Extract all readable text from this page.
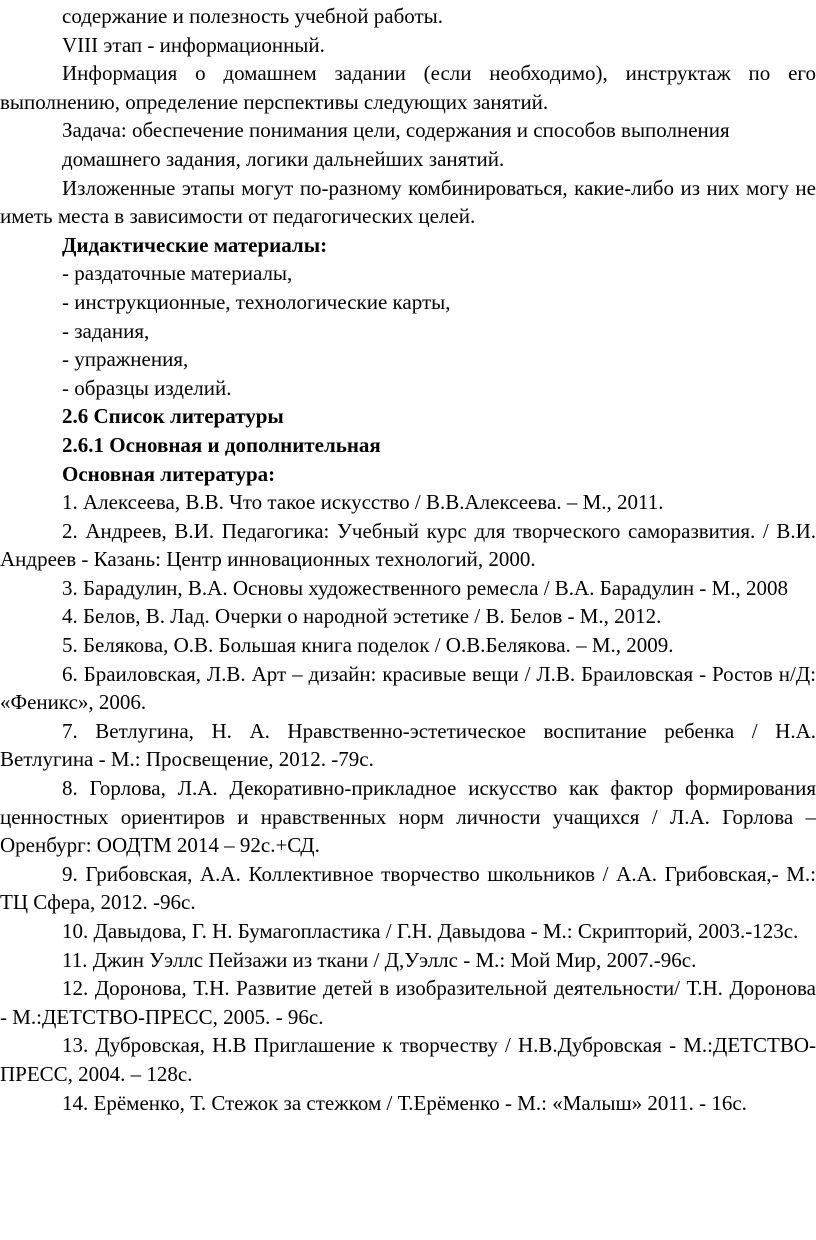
содержание и полезность учебной работы.

VIII этап - информационный.

Информация о домашнем задании (если необходимо), инструктаж по его выполнению, определение перспективы следующих занятий.

Задача: обеспечение понимания цели, содержания и способов выполнения

домашнего задания, логики дальнейших занятий.

Изложенные этапы могут по-разному комбинироваться, какие-либо из них могу не иметь места в зависимости от педагогических целей.

Дидактические материалы:

- раздаточные материалы,

- инструкционные, технологические карты,

- задания,

- упражнения,

- образцы изделий.

2.6 Список литературы

2.6.1 Основная и дополнительная

Основная литература:

1. Алексеева, В.В. Что такое искусство / В.В.Алексеева. – М., 2011.

2. Андреев, В.И. Педагогика: Учебный курс для творческого саморазвития. / В.И. Андреев - Казань: Центр инновационных технологий, 2000.

3. Барадулин, В.А. Основы художественного ремесла / В.А. Барадулин - М., 2008

4. Белов, В. Лад. Очерки о народной эстетике / В. Белов - М., 2012.

5. Белякова, О.В. Большая книга поделок / О.В.Белякова. – М., 2009.

6. Браиловская, Л.В. Арт – дизайн: красивые вещи / Л.В. Браиловская - Ростов н/Д: «Феникс», 2006.

7. Ветлугина, Н. А. Нравственно-эстетическое воспитание ребенка / Н.А. Ветлугина - М.: Просвещение, 2012. -79с.

8. Горлова, Л.А. Декоративно-прикладное искусство как фактор формирования ценностных ориентиров и нравственных норм личности учащихся / Л.А. Горлова – Оренбург: ООДТМ 2014 – 92с.+СД.

9. Грибовская, А.А. Коллективное творчество школьников / А.А. Грибовская,- М.: ТЦ Сфера, 2012. -96с.

10. Давыдова, Г. Н. Бумагопластика / Г.Н. Давыдова - М.: Скрипторий, 2003.-123с.

11. Джин Уэллс Пейзажи из ткани / Д,Уэллс - М.: Мой Мир, 2007.-96с.

12. Доронова, Т.Н. Развитие детей в изобразительной деятельности/ Т.Н. Доронова - М.:ДЕТСТВО-ПРЕСС, 2005. - 96с.

13. Дубровская, Н.В Приглашение к творчеству / Н.В.Дубровская - М.:ДЕТСТВО-ПРЕСС, 2004. – 128с.

14. Ерёменко, Т. Стежок за стежком / Т.Ерёменко - М.: «Малыш» 2011. - 16с.
